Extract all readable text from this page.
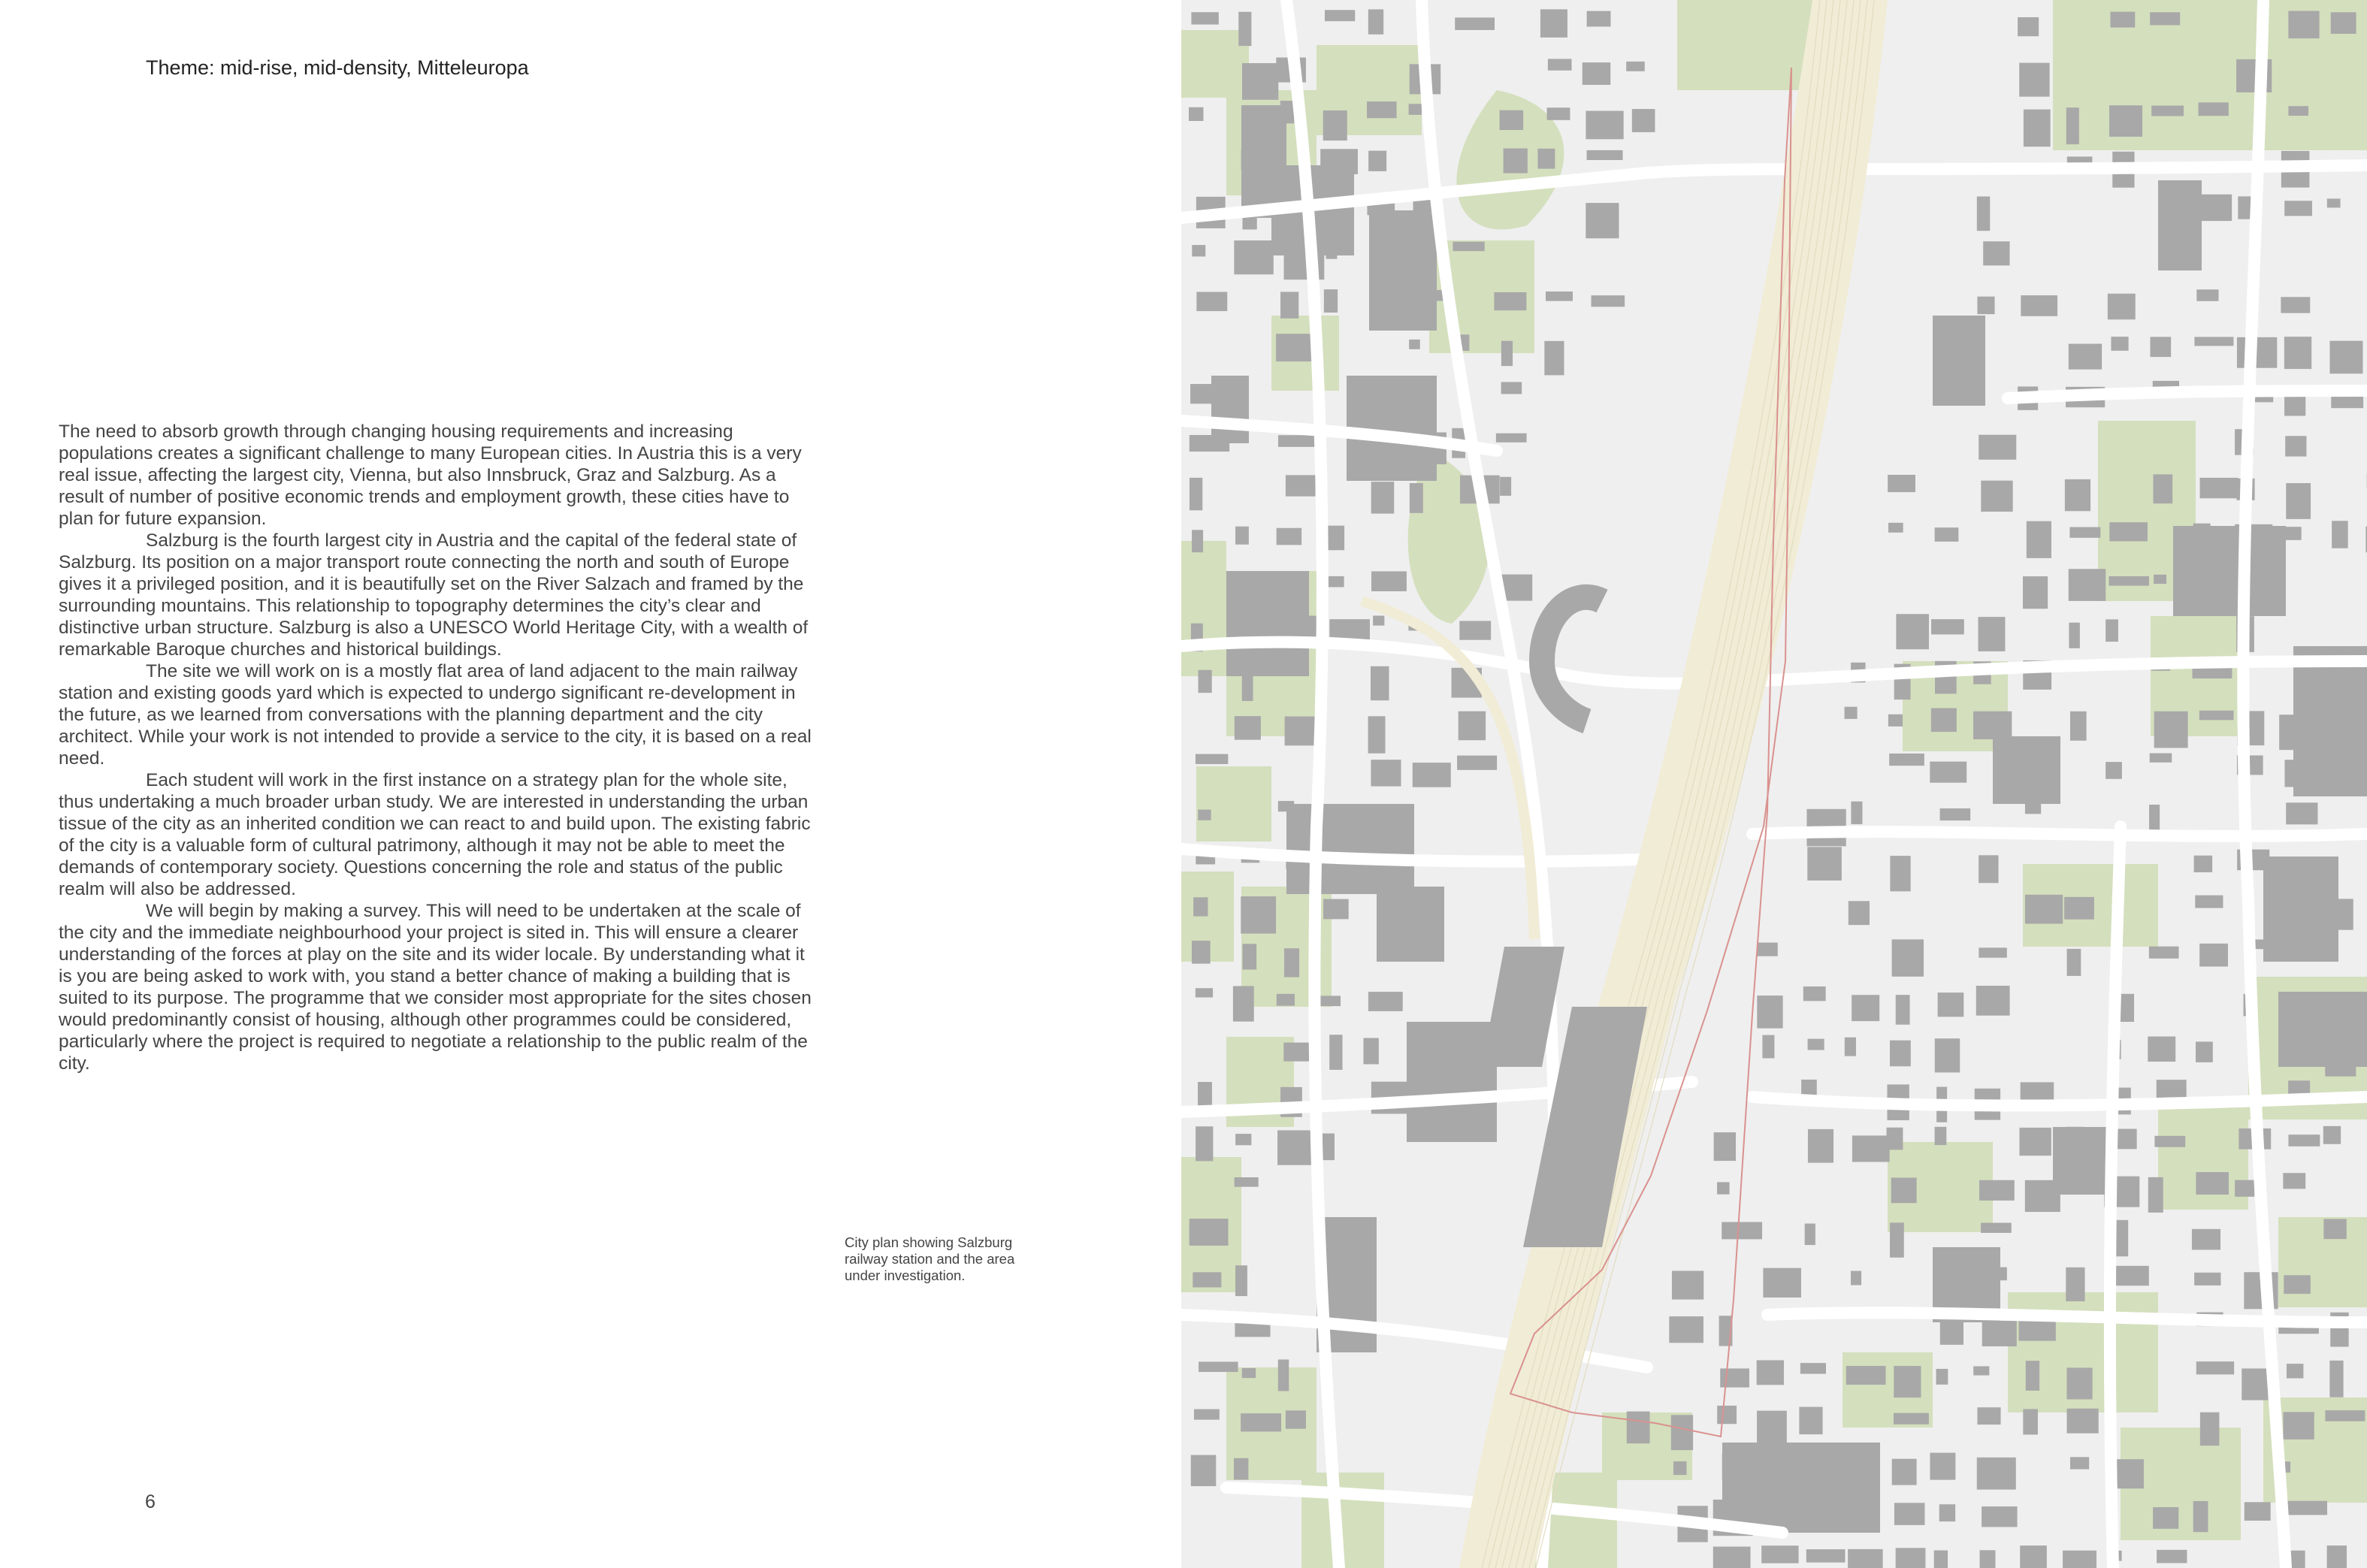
Theme: mid-rise, mid-density, Mitteleuropa

The need to absorb growth through changing housing requirements and increasing populations creates a significant challenge to many European cities. In Austria this is a very real issue, affecting the largest city, Vienna, but also Innsbruck, Graz and Salzburg. As a result of number of positive economic trends and employment growth, these cities have to plan for future expansion.

Salzburg is the fourth largest city in Austria and the capital of the federal state of Salzburg. Its position on a major transport route connecting the north and south of Europe gives it a privileged position, and it is beautifully set on the River Salzach and framed by the surrounding mountains. This relationship to topography determines the city’s clear and distinctive urban structure. Salzburg is also a UNESCO World Heritage City, with a wealth of remarkable Baroque churches and historical buildings.

The site we will work on is a mostly flat area of land adjacent to the main railway station and existing goods yard which is expected to undergo significant re-development in the future, as we learned from conversations with the planning department and the city architect. While your work is not intended to provide a service to the city, it is based on a real need.

Each student will work in the first instance on a strategy plan for the whole site, thus undertaking a much broader urban study. We are interested in understanding the urban tissue of the city as an inherited condition we can react to and build upon. The existing fabric of the city is a valuable form of cultural patrimony, although it may not be able to meet the demands of contemporary society. Questions concerning the role and status of the public realm will also be addressed.

We will begin by making a survey. This will need to be undertaken at the scale of the city and the immediate neighbourhood your project is sited in. This will ensure a clearer understanding of the forces at play on the site and its wider locale. By understanding what it is you are being asked to work with, you stand a better chance of making a building that is suited to its purpose. The programme that we consider most appropriate for the sites chosen would predominantly consist of housing, although other programmes could be considered, particularly where the project is required to negotiate a relationship to the public realm of the city.

City plan showing Salzburg railway station and the area under investigation.
6
